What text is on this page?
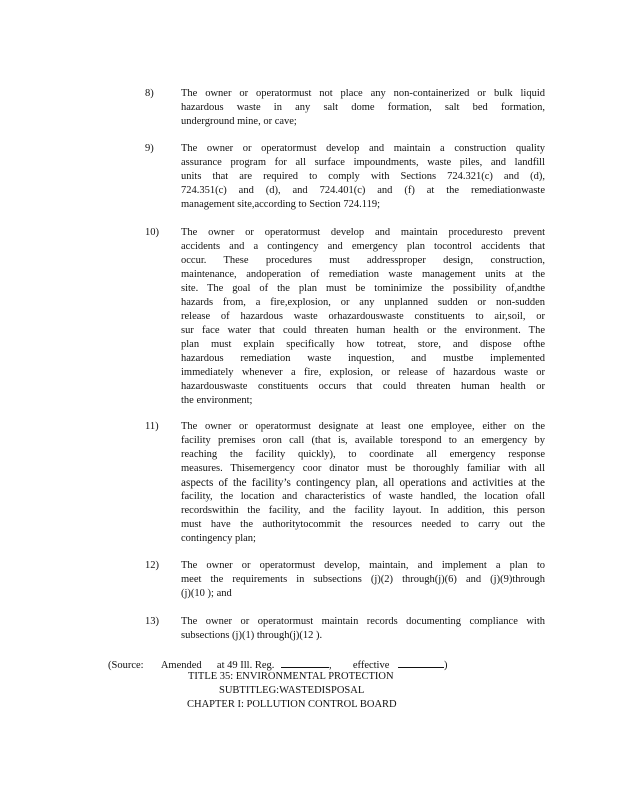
8)	The owner or operatormust not place any non-containerized or bulk liquid
hazardous waste in any salt dome formation, salt bed formation,
underground mine, or cave;
9)	The owner or operatormust develop and maintain a construction quality
assurance program for all surface impoundments, waste piles, and landfill
units that are required to comply with Sections 724.321(c) and (d),
724.351(c) and (d), and 724.401(c) and (f) at the remediationwaste
management site,according to Section 724.119;
10) The owner or operatormust develop and maintain proceduresto prevent
accidents and a contingency and emergency plan tocontrol accidents that
occur. These procedures must addressproper design, construction,
maintenance, andoperation of remediation waste management units at the
site. The goal of the plan must be tominimize the possibility of,andthe
hazards from, a fire,explosion, or any unplanned sudden or non-sudden
release of hazardous waste orhazardouswaste constituents to air,soil, or
sur face water that could threaten human health or the environment. The
plan must explain specifically how totreat, store, and dispose ofthe
hazardous remediation waste inquestion, and mustbe implemented
immediately whenever a fire, explosion, or release of hazardous waste or
hazardouswaste constituents occurs that could threaten human health or
the environment;
11) The owner or operatormust designate at least one employee, either on the
facility premises oron call (that is, available torespond to an emergency by
reaching the facility quickly), to coordinate all emergency response
measures. Thisemergency coor dinator must be thoroughly familiar with all
aspects of the facility’s contingency plan, all operations and activities at the
facility, the location and characteristics of waste handled, the location ofall
recordswithin the facility, and the facility layout. In addition, this person
must have the authoritytocommit the resources needed to carry out the
contingency plan;
12) The owner or operatormust develop, maintain, and implement a plan to
meet the requirements in subsections (j)(2) through(j)(6) and (j)(9)through
(j)(10 ); and
13) The owner or operatormust maintain records documenting compliance with
subsections (j)(1) through(j)(12 ).
(Source: Amended at 49 Ill. Reg.	, effective	)
TITLE 35: ENVIRONMENTAL PROTECTION
SUBTITLEG:WASTEDISPOSAL
CHAPTER I: POLLUTION CONTROL BOARD
